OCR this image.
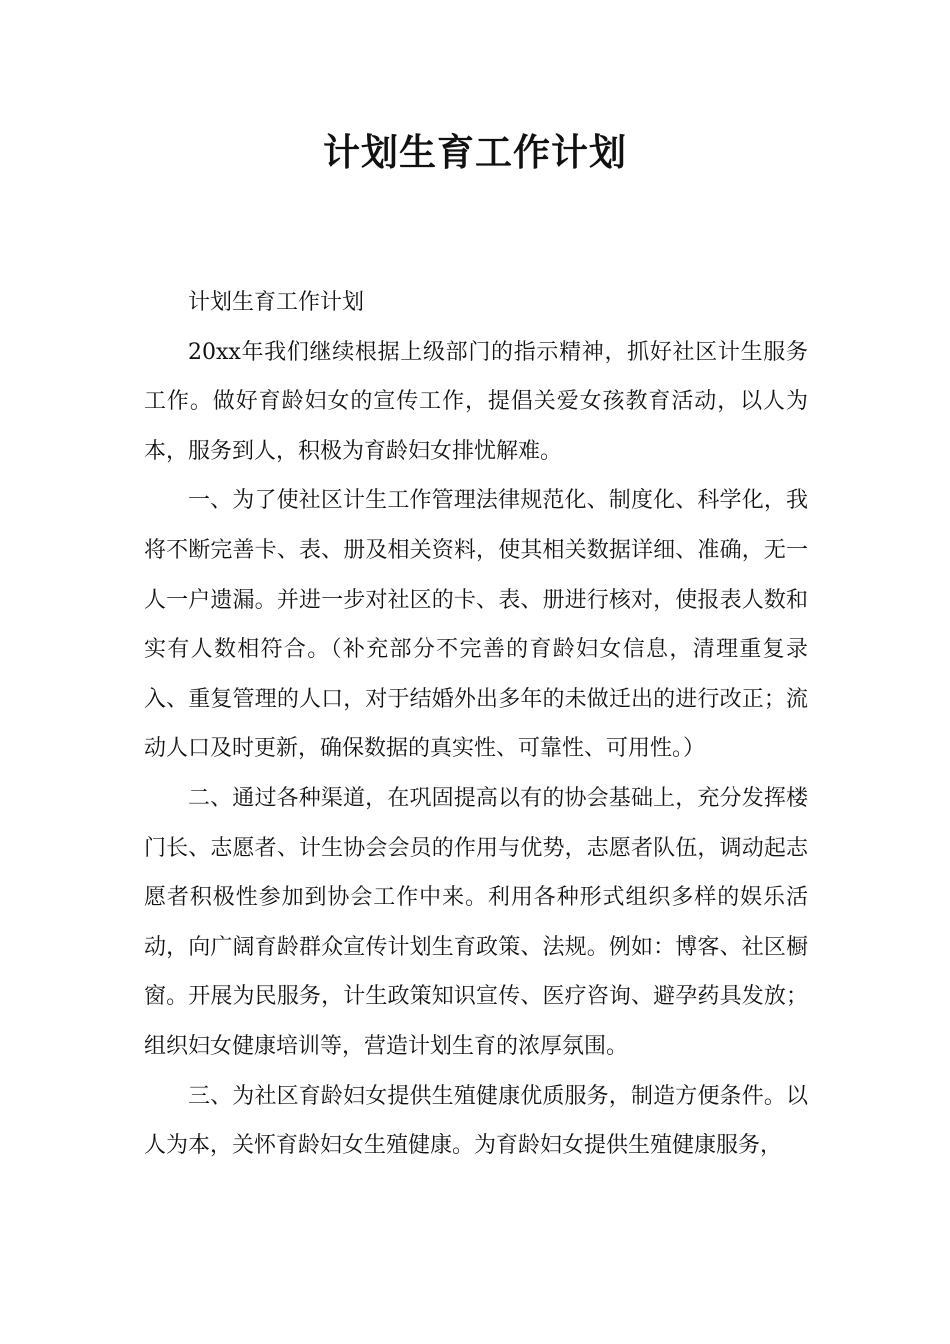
计划生育工作计划

计划生育工作计划

20xx年我们继续根据上级部门的指示精神，抓好社区计生服务工作。做好育龄妇女的宣传工作，提倡关爱女孩教育活动，以人为本，服务到人，积极为育龄妇女排忧解难。

一、为了使社区计生工作管理法律规范化、制度化、科学化，我将不断完善卡、表、册及相关资料，使其相关数据详细、准确，无一人一户遗漏。并进一步对社区的卡、表、册进行核对，使报表人数和实有人数相符合。（补充部分不完善的育龄妇女信息，清理重复录入、重复管理的人口，对于结婚外出多年的未做迁出的进行改正；流动人口及时更新，确保数据的真实性、可靠性、可用性。）

二、通过各种渠道，在巩固提高以有的协会基础上，充分发挥楼门长、志愿者、计生协会会员的作用与优势，志愿者队伍，调动起志愿者积极性参加到协会工作中来。利用各种形式组织多样的娱乐活动，向广阔育龄群众宣传计划生育政策、法规。例如：博客、社区橱窗。开展为民服务，计生政策知识宣传、医疗咨询、避孕药具发放；组织妇女健康培训等，营造计划生育的浓厚氛围。

三、为社区育龄妇女提供生殖健康优质服务，制造方便条件。以人为本，关怀育龄妇女生殖健康。为育龄妇女提供生殖健康服务，
